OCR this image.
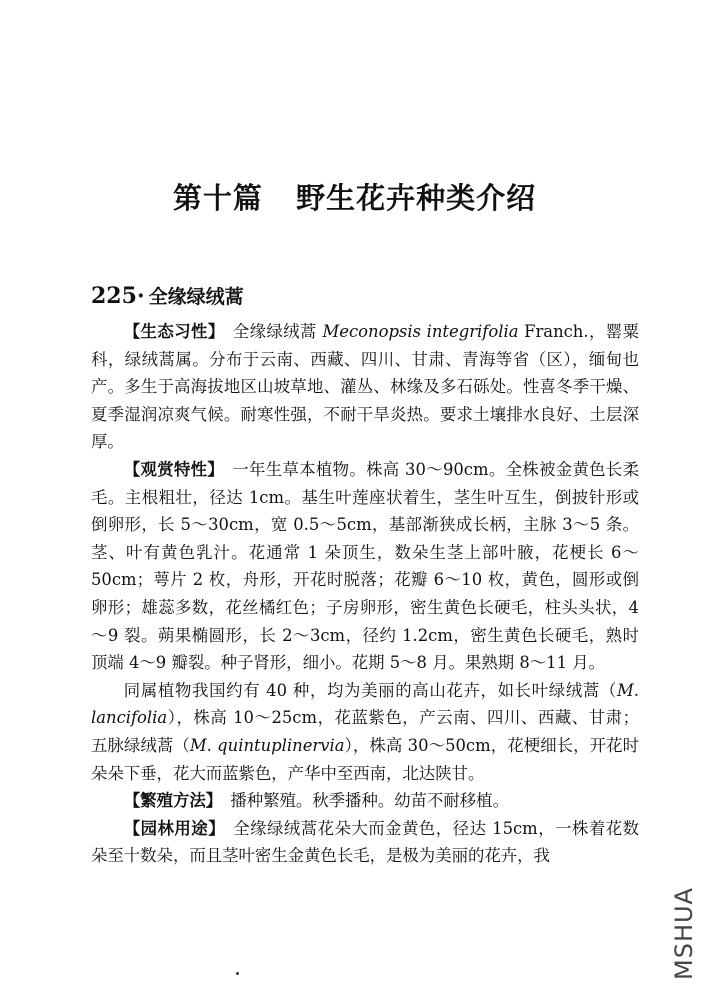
第十篇   野生花卉种类介绍
225· 全缘绿绒蒿

【生态习性】 全缘绿绒蒿 Meconopsis integrifolia Franch.，罂粟科，绿绒蒿属。分布于云南、西藏、四川、甘肃、青海等省（区），缅甸也产。多生于高海拔地区山坡草地、灌丛、林缘及多石砾处。性喜冬季干燥、夏季湿润凉爽气候。耐寒性强，不耐干旱炎热。要求土壤排水良好、土层深厚。

【观赏特性】 一年生草本植物。株高 30～90cm。全株被金黄色长柔毛。主根粗壮，径达 1cm。基生叶莲座状着生，茎生叶互生，倒披针形或倒卵形，长 5～30cm，宽 0.5～5cm，基部渐狭成长柄，主脉 3～5 条。茎、叶有黄色乳汁。花通常 1 朵顶生，数朵生茎上部叶腋，花梗长 6～50cm；萼片 2 枚，舟形，开花时脱落；花瓣 6～10 枚，黄色，圆形或倒卵形；雄蕊多数，花丝橘红色；子房卵形，密生黄色长硬毛，柱头头状，4～9 裂。蒴果椭圆形，长 2～3cm，径约 1.2cm，密生黄色长硬毛，熟时顶端 4～9 瓣裂。种子肾形，细小。花期 5～8 月。果熟期 8～11 月。

同属植物我国约有 40 种，均为美丽的高山花卉，如长叶绿绒蒿（M. lancifolia），株高 10～25cm，花蓝紫色，产云南、四川、西藏、甘肃；五脉绿绒蒿（M. quintuplinervia），株高 30～50cm，花梗细长，开花时朵朵下垂，花大而蓝紫色，产华中至西南，北达陕甘。

【繁殖方法】 播种繁殖。秋季播种。幼苗不耐移植。

【园林用途】 全缘绿绒蒿花朵大而金黄色，径达 15cm，一株着花数朵至十数朵，而且茎叶密生金黄色长毛，是极为美丽的花卉，我

MSHUA
